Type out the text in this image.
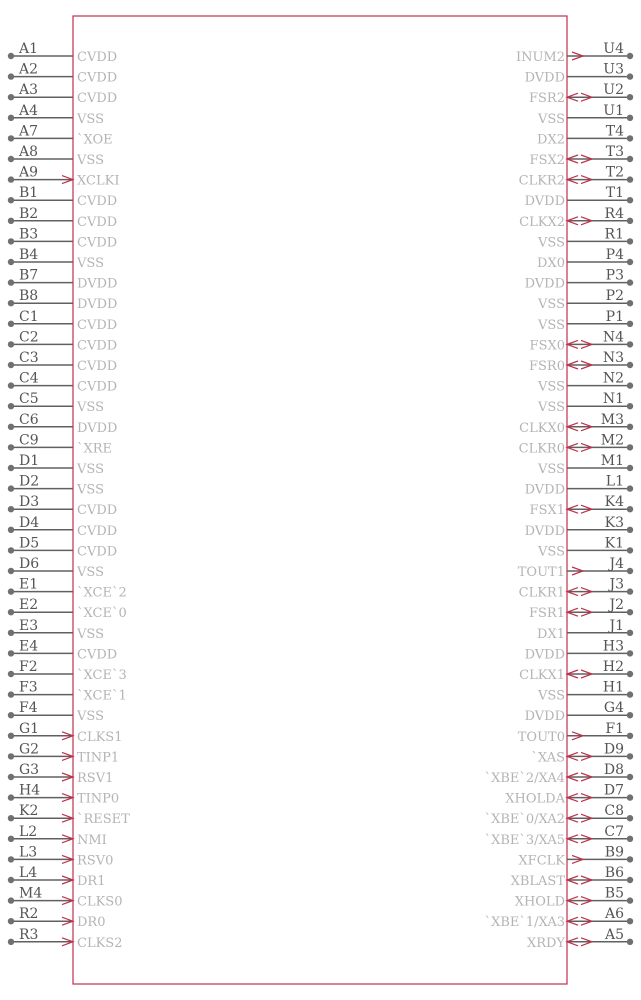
A1
CVDD
A2
CVDD
A3
CVDD
A4
VSS
A7
`XOE
A8
VSS
A9
XCLKI
B1
CVDD
B2
CVDD
B3
CVDD
B4
VSS
B7
DVDD
B8
DVDD
C1
CVDD
C2
CVDD
C3
CVDD
C4
CVDD
C5
VSS
C6
DVDD
C9
`XRE
D1
VSS
D2
VSS
D3
CVDD
D4
CVDD
D5
CVDD
D6
VSS
E1
`XCE`2
E2
`XCE`0
E3
VSS
E4
CVDD
F2
`XCE`3
F3
`XCE`1
F4
VSS
G1
CLKS1
G2
TINP1
G3
RSV1
H4
TINP0
K2
`RESET
L2
NMI
L3
RSV0
L4
DR1
M4
CLKS0
R2
DR0
R3
CLKS2
U4
INUM2
U3
DVDD
U2
FSR2
U1
VSS
T4
DX2
T3
FSX2
T2
CLKR2
T1
DVDD
R4
CLKX2
R1
VSS
P4
DX0
P3
DVDD
P2
VSS
P1
VSS
N4
FSX0
N3
FSR0
N2
VSS
N1
VSS
M3
CLKX0
M2
CLKR0
M1
VSS
L1
DVDD
K4
FSX1
K3
DVDD
K1
VSS
J4
TOUT1
J3
CLKR1
J2
FSR1
J1
DX1
H3
DVDD
H2
CLKX1
H1
VSS
G4
DVDD
F1
TOUT0
D9
`XAS
D8
`XBE`2/XA4
D7
XHOLDA
C8
`XBE`0/XA2
C7
`XBE`3/XA5
B9
XFCLK
B6
XBLAST
B5
XHOLD
A6
`XBE`1/XA3
A5
XRDY
